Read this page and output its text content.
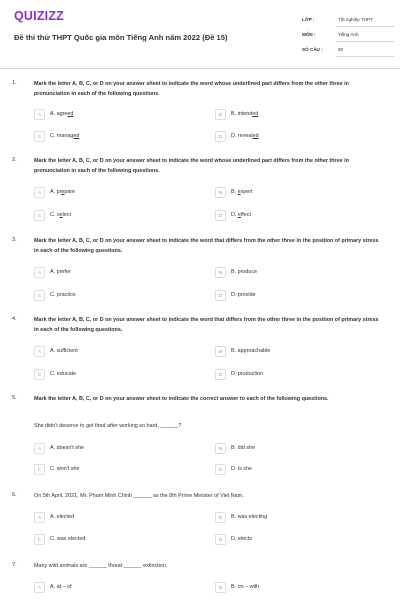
QUIZIZZ
Đề thi thử THPT Quốc gia môn Tiếng Anh năm 2022 (Đề 15)
LỚP :	Tốt nghiệp THPT
MÔN :	Tiếng Anh
SỐ CÂU :	50
1.	Mark the letter A, B, C, or D on your answer sheet to indicate the word whose underlined part differs from the other three in pronunciation in each of the following questions.
A	A. agreed	B	B. intended
C	C. managed	D	D. revealed
2.	Mark the letter A, B, C, or D on your answer sheet to indicate the word whose underlined part differs from the other three in pronunciation in each of the following questions.
A	A. prepare	B	B. expert
C	C. select	D	D. effect
3.	Mark the letter A, B, C, or D on your answer sheet to indicate the word that differs from the other three in the position of primary stress in each of the following questions.
A	A. prefer	B	B. produce
C	C. practice	D	D. provide
4.	Mark the letter A, B, C, or D on your answer sheet to indicate the word that differs from the other three in the position of primary stress in each of the following questions.
A	A. sufficient	B	B. approachable
C	C. educate	D	D. production
5.	Mark the letter A, B, C, or D on your answer sheet to indicate the correct answer to each of the following questions.
She didn't deserve to get fired after working so hard, ______?
A	A. doesn't she	B	B. did she
C	C. won't she	D	D. is she
6.	On 5th April, 2021, Mr. Pham Minh Chinh ______ as the 8th Prime Minister of Viet Nam.
A	A. elected	B	B. was electing
C	C. was elected	D	D. elects
7.	Many wild animals are ______ threat ______ extinction.
A	A. at – of	B	B. on – with
